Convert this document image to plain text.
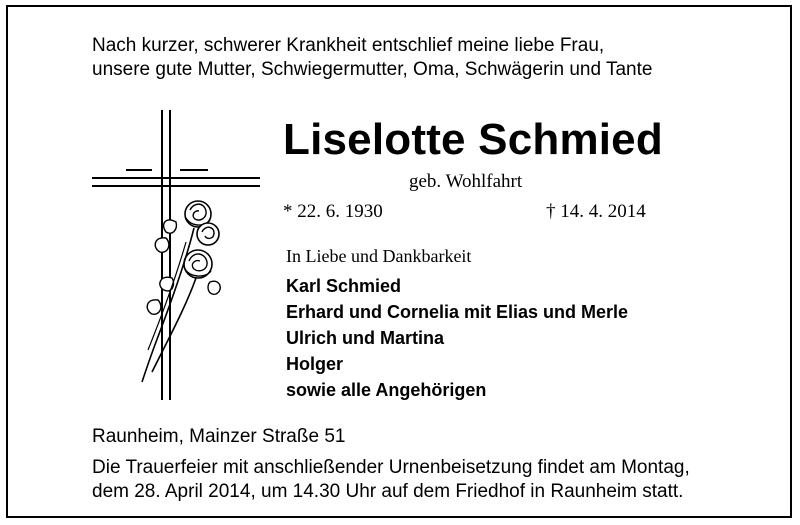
Nach kurzer, schwerer Krankheit entschlief meine liebe Frau,
unsere gute Mutter, Schwiegermutter, Oma, Schwägerin und Tante
Liselotte Schmied
geb. Wohlfahrt
* 22. 6. 1930	† 14. 4. 2014
In Liebe und Dankbarkeit
Karl Schmied
Erhard und Cornelia mit Elias und Merle
Ulrich und Martina
Holger
sowie alle Angehörigen
Raunheim, Mainzer Straße 51
Die Trauerfeier mit anschließender Urnenbeisetzung findet am Montag,
dem 28. April 2014, um 14.30 Uhr auf dem Friedhof in Raunheim statt.
